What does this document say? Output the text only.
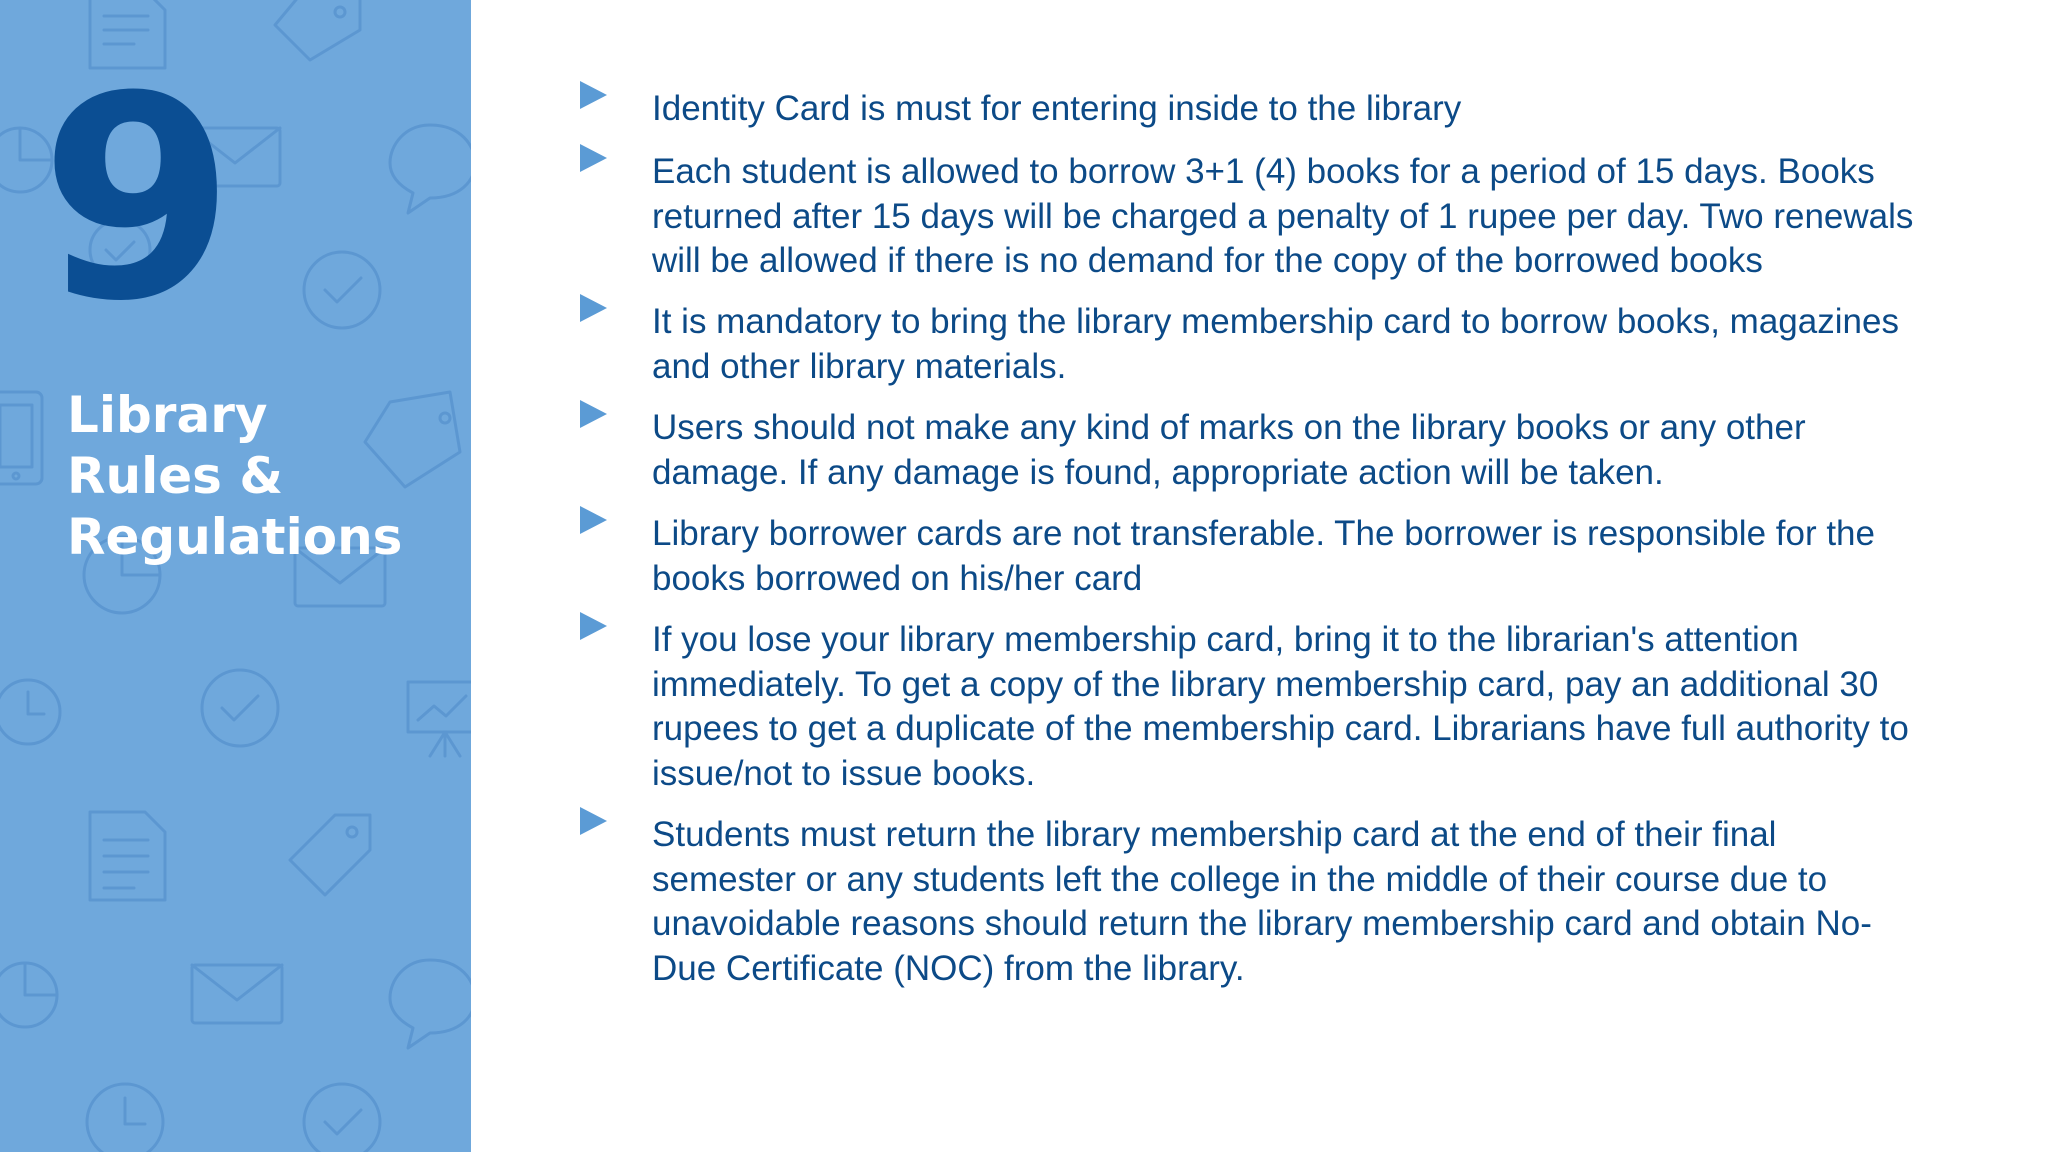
9
Library
Rules &
Regulations
Identity Card is must for entering inside to the library
Each student is allowed to borrow 3+1 (4) books for a period of 15 days. Books
returned after 15 days will be charged a penalty of 1 rupee per day. Two renewals
will be allowed if there is no demand for the copy of the borrowed books
It is mandatory to bring the library membership card to borrow books, magazines
and other library materials.
Users should not make any kind of marks on the library books or any other
damage. If any damage is found, appropriate action will be taken.
Library borrower cards are not transferable. The borrower is responsible for the
books borrowed on his/her card
If you lose your library membership card, bring it to the librarian's attention
immediately. To get a copy of the library membership card, pay an additional 30
rupees to get a duplicate of the membership card. Librarians have full authority to
issue/not to issue books.
Students must return the library membership card at the end of their final
semester or any students left the college in the middle of their course due to
unavoidable reasons should return the library membership card and obtain No-
Due Certificate (NOC) from the library.
